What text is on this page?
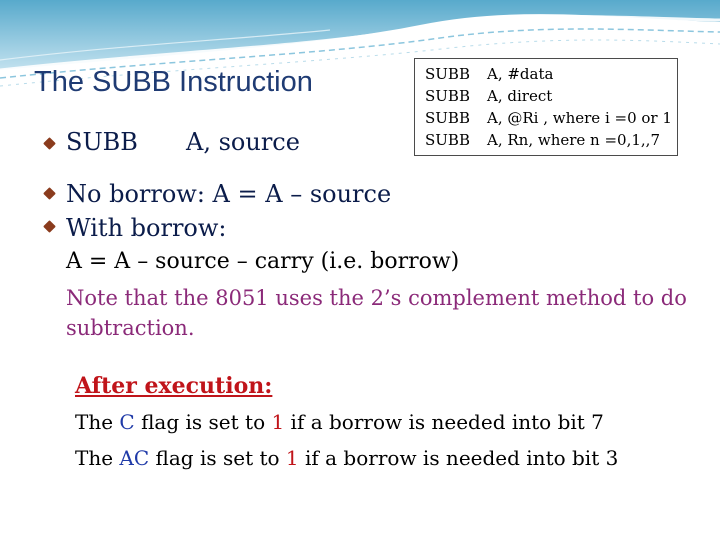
The SUBB Instruction
SUBB A, source
SUBB A, #data
SUBB A, direct
SUBB A, @Ri , where i =0 or 1
SUBB A, Rn, where n =0,1,,7
No borrow: A = A – source
With borrow:
A = A – source – carry (i.e. borrow)
Note that the 8051 uses the 2’s complement method to do subtraction.
After execution:
The C flag is set to 1 if a borrow is needed into bit 7
The AC flag is set to 1 if a borrow is needed into bit 3
